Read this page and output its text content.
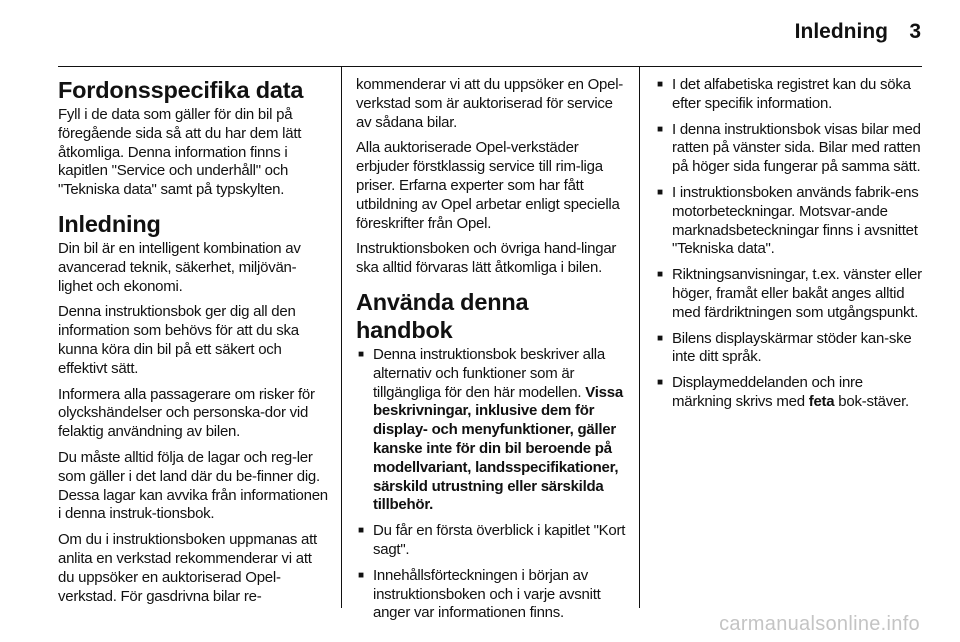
Inledning 3
Fordonsspecifika data

Fyll i de data som gäller för din bil på föregående sida så att du har dem lätt åtkomliga. Denna information finns i kapitlen "Service och underhåll" och "Tekniska data" samt på typskylten.

Inledning

Din bil är en intelligent kombination av avancerad teknik, säkerhet, miljövän-lighet och ekonomi.

Denna instruktionsbok ger dig all den information som behövs för att du ska kunna köra din bil på ett säkert och effektivt sätt.

Informera alla passagerare om risker för olyckshändelser och personska-dor vid felaktig användning av bilen.

Du måste alltid följa de lagar och reg-ler som gäller i det land där du be-finner dig. Dessa lagar kan avvika från informationen i denna instruk-tionsbok.

Om du i instruktionsboken uppmanas att anlita en verkstad rekommenderar vi att du uppsöker en auktoriserad Opel-verkstad. För gasdrivna bilar re-

kommenderar vi att du uppsöker en Opel-verkstad som är auktoriserad för service av sådana bilar.

Alla auktoriserade Opel-verkstäder erbjuder förstklassig service till rim-liga priser. Erfarna experter som har fått utbildning av Opel arbetar enligt speciella föreskrifter från Opel.

Instruktionsboken och övriga hand-lingar ska alltid förvaras lätt åtkomliga i bilen.

Använda denna handbok
■ Denna instruktionsbok beskriver alla alternativ och funktioner som är tillgängliga för den här modellen. Vissa beskrivningar, inklusive dem för display- och menyfunktioner, gäller kanske inte för din bil beroende på modellvariant, landsspecifikationer, särskild utrustning eller särskilda tillbehör.
■ Du får en första överblick i kapitlet "Kort sagt".
■ Innehållsförteckningen i början av instruktionsboken och i varje avsnitt anger var informationen finns.
■ I det alfabetiska registret kan du söka efter specifik information.
■ I denna instruktionsbok visas bilar med ratten på vänster sida. Bilar med ratten på höger sida fungerar på samma sätt.
■ I instruktionsboken används fabrik-ens motorbeteckningar. Motsvar-ande marknadsbeteckningar finns i avsnittet "Tekniska data".
■ Riktningsanvisningar, t.ex. vänster eller höger, framåt eller bakåt anges alltid med färdriktningen som utgångspunkt.
■ Bilens displayskärmar stöder kan-ske inte ditt språk.
■ Displaymeddelanden och inre märkning skrivs med feta bok-stäver.
carmanualsonline.info
